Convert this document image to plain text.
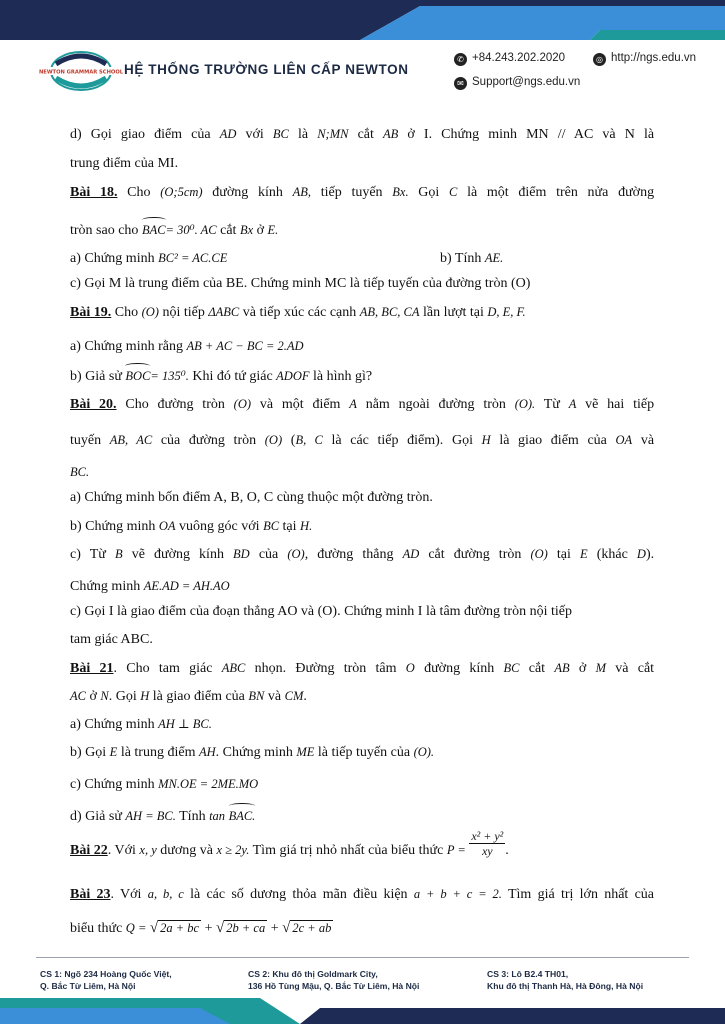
NEWTON GRAMMAR SCHOOL HỆ THỐNG TRƯỜNG LIÊN CẤP NEWTON
✆ +84.243.202.2020	◎ http://ngs.edu.vn
✉ Support@ngs.edu.vn
d) Gọi giao điểm của AD với BC là N;MN cắt AB ở I. Chứng minh MN // AC và N là
trung điểm của MI.
Bài 18. Cho (O;5cm) đường kính AB, tiếp tuyến Bx. Gọi C là một điểm trên nửa đường
tròn sao cho BAC= 30⁰. AC cắt Bx ở E.
a) Chứng minh BC² = AC.CE	b) Tính AE.
c) Gọi M là trung điểm của BE. Chứng minh MC là tiếp tuyến của đường tròn (O)
Bài 19. Cho (O) nội tiếp ΔABC và tiếp xúc các cạnh AB, BC, CA lần lượt tại D, E, F.
a) Chứng minh rằng AB + AC − BC = 2.AD
b) Giả sử BOC= 135⁰. Khi đó tứ giác ADOF là hình gì?
Bài 20. Cho đường tròn (O) và một điểm A nằm ngoài đường tròn (O). Từ A vẽ hai tiếp
tuyến AB, AC của đường tròn (O) (B, C là các tiếp điểm). Gọi H là giao điểm của OA và
BC.
a) Chứng minh bốn điểm A, B, O, C cùng thuộc một đường tròn.
b) Chứng minh OA vuông góc với BC tại H.
c) Từ B vẽ đường kính BD của (O), đường thẳng AD cắt đường tròn (O) tại E (khác D).
Chứng minh AE.AD = AH.AO
c) Gọi I là giao điểm của đoạn thẳng AO và (O). Chứng minh I là tâm đường tròn nội tiếp
tam giác ABC.
Bài 21. Cho tam giác ABC nhọn. Đường tròn tâm O đường kính BC cắt AB ở M và cắt
AC ở N. Gọi H là giao điểm của BN và CM.
a) Chứng minh AH ⊥ BC.
b) Gọi E là trung điểm AH. Chứng minh ME là tiếp tuyến của (O).
c) Chứng minh MN.OE = 2ME.MO
d) Giả sử AH = BC. Tính tan BAC.
Bài 22. Với x, y dương và x ≥ 2y. Tìm giá trị nhỏ nhất của biểu thức $P = \frac{\text{x² + y²}}{xy}$ .
Bài 23. Với a, b, c là các số dương thỏa mãn điều kiện a + b + c = 2. Tìm giá trị lớn nhất của
biểu thức Q = √ 2a + bc + √ 2b + ca + √ 2c + ab
CS 1: Ngõ 234 Hoàng Quốc Việt,
Q. Bắc Từ Liêm, Hà Nội
CS 2: Khu đô thị Goldmark City,
136 Hồ Tùng Mậu, Q. Bắc Từ Liêm, Hà Nội
CS 3: Lô B2.4 TH01,
Khu đô thị Thanh Hà, Hà Đông, Hà Nội
